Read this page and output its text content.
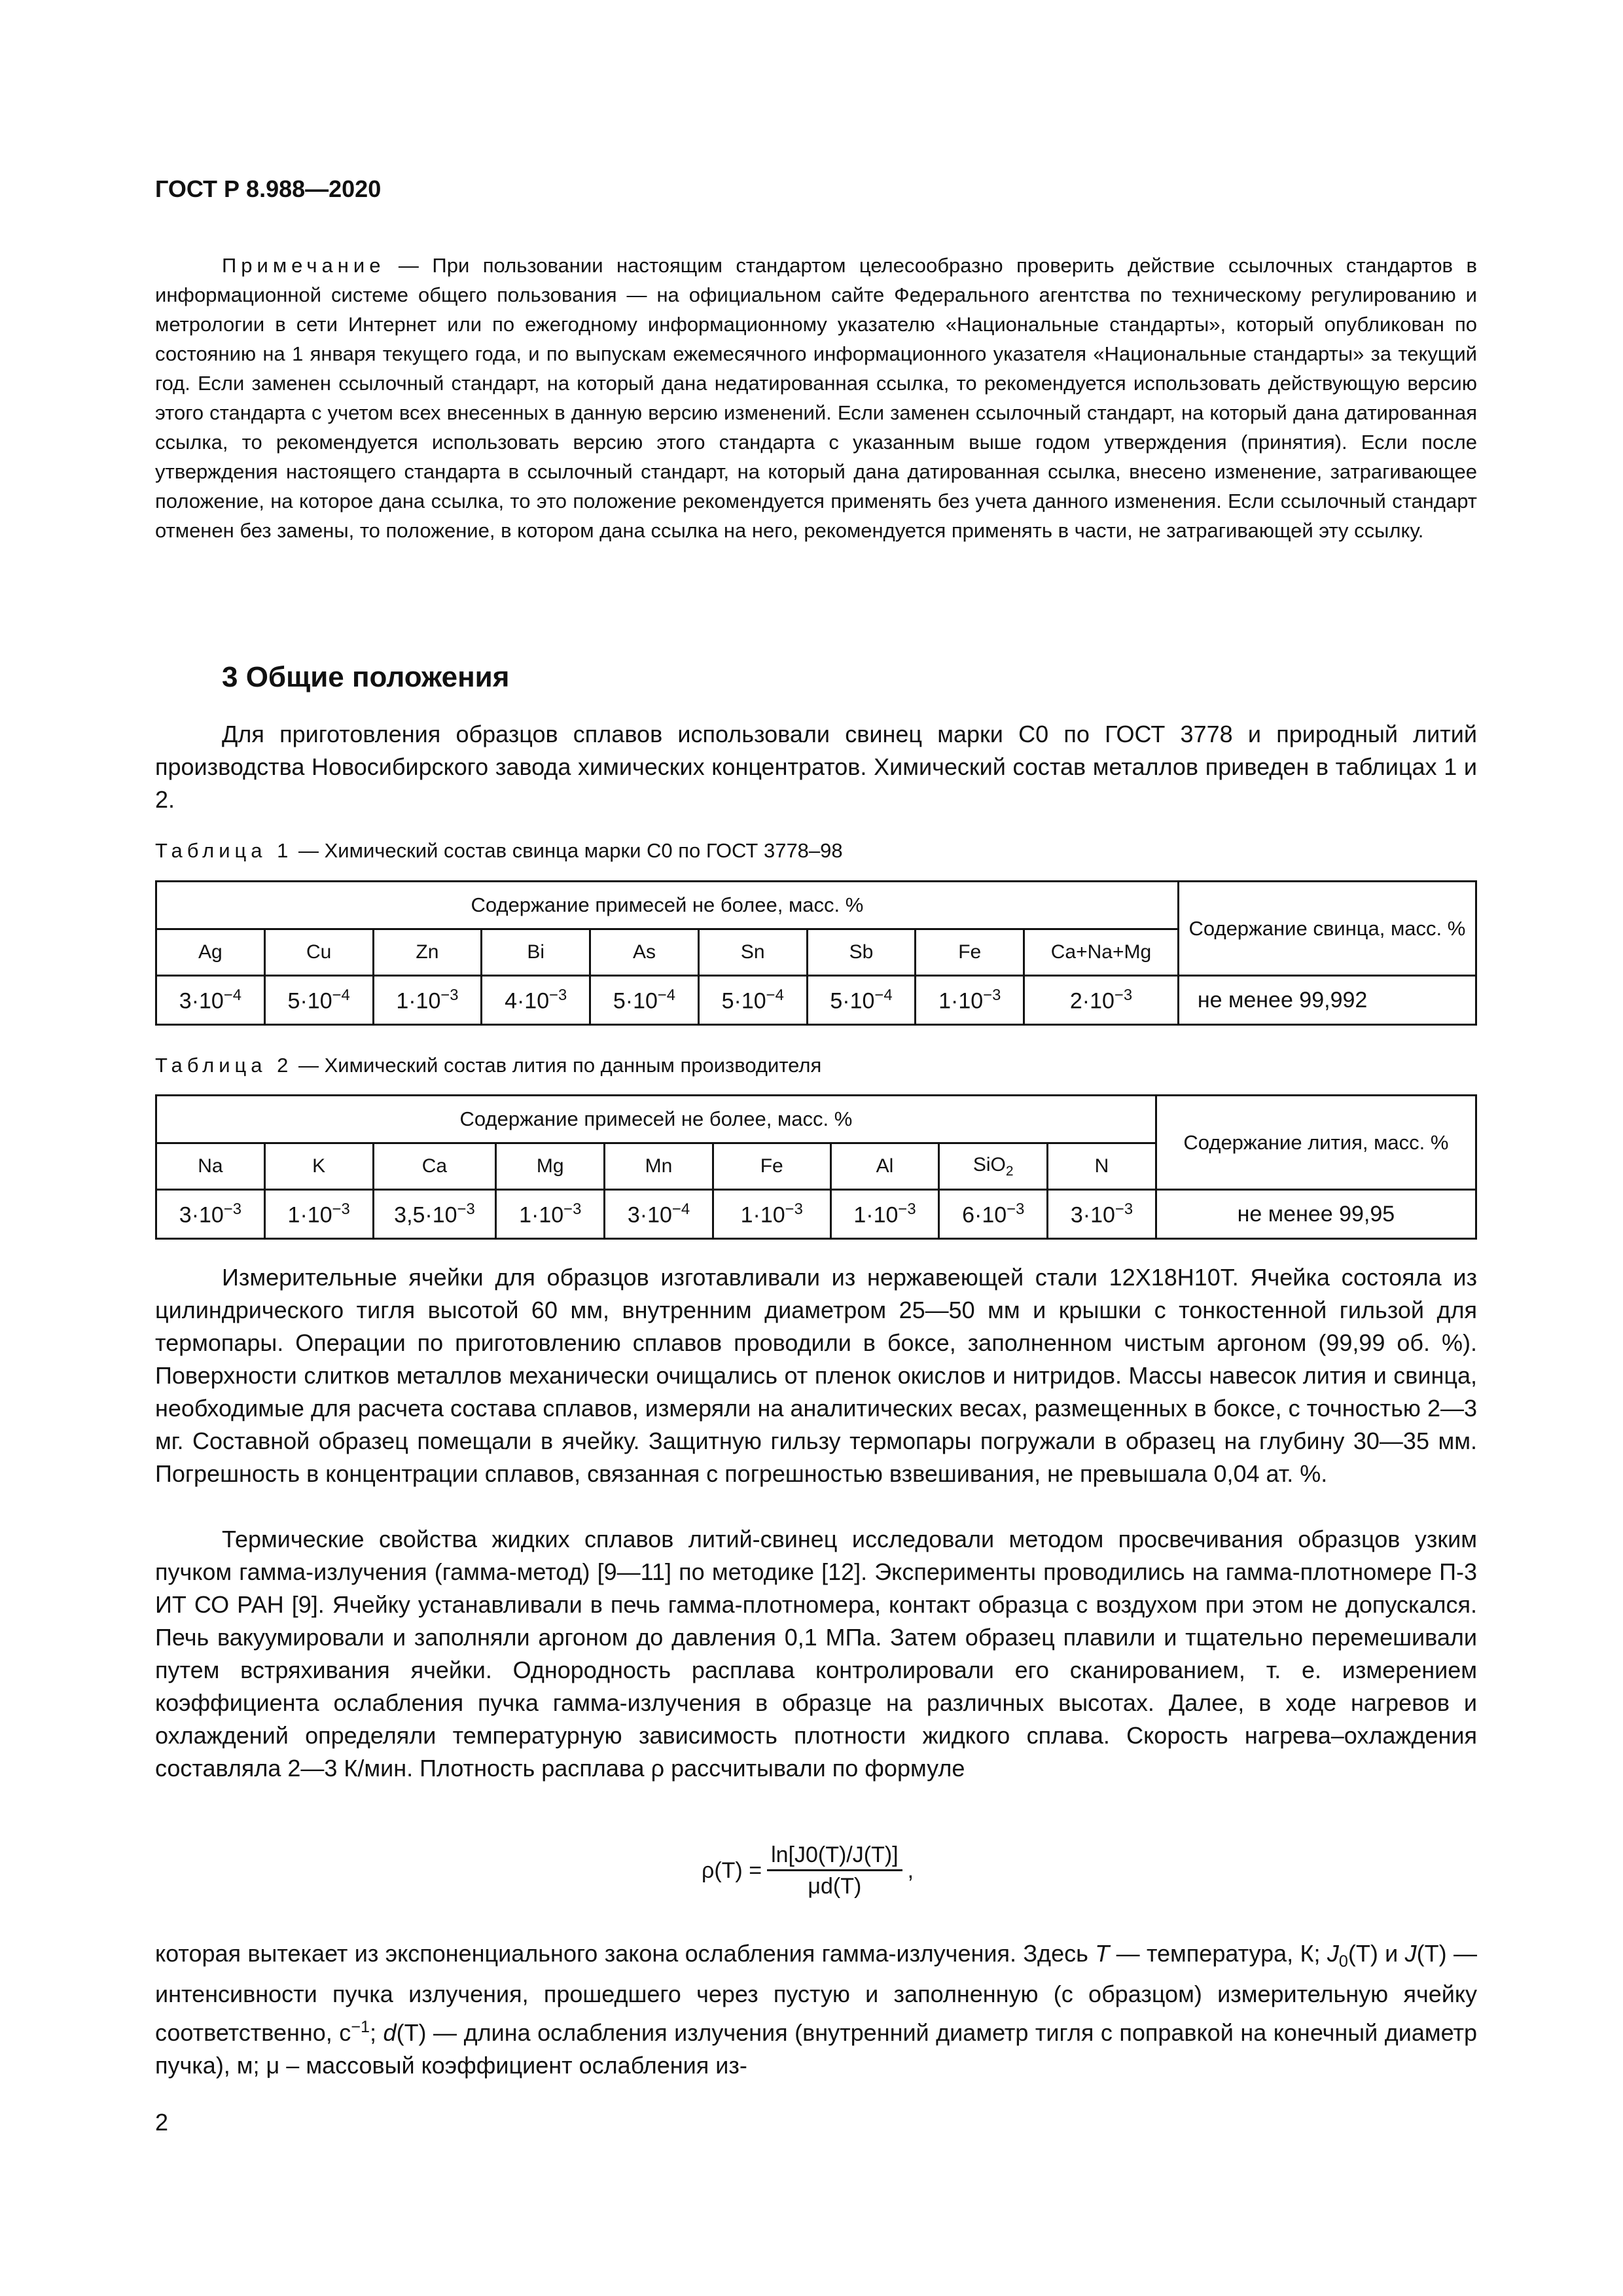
ГОСТ Р 8.988—2020

Примечание — При пользовании настоящим стандартом целесообразно проверить действие ссылочных стандартов в информационной системе общего пользования — на официальном сайте Федерального агентства по техническому регулированию и метрологии в сети Интернет или по ежегодному информационному указателю «Национальные стандарты», который опубликован по состоянию на 1 января текущего года, и по выпускам ежемесячного информационного указателя «Национальные стандарты» за текущий год. Если заменен ссылочный стандарт, на который дана недатированная ссылка, то рекомендуется использовать действующую версию этого стандарта с учетом всех внесенных в данную версию изменений. Если заменен ссылочный стандарт, на который дана датированная ссылка, то рекомендуется использовать версию этого стандарта с указанным выше годом утверждения (принятия). Если после утверждения настоящего стандарта в ссылочный стандарт, на который дана датированная ссылка, внесено изменение, затрагивающее положение, на которое дана ссылка, то это положение рекомендуется применять без учета данного изменения. Если ссылочный стандарт отменен без замены, то положение, в котором дана ссылка на него, рекомендуется применять в части, не затрагивающей эту ссылку.

3 Общие положения

Для приготовления образцов сплавов использовали свинец марки С0 по ГОСТ 3778 и природный литий производства Новосибирского завода химических концентратов. Химический состав металлов приведен в таблицах 1 и 2.

Таблица 1 — Химический состав свинца марки С0 по ГОСТ 3778–98
Содержание примесей не более, масс. %									Содержание свинца, масс. %
Ag	Cu	Zn	Bi	As	Sn	Sb	Fe	Ca+Na+Mg	
$3\cdot 10^{-4}$	$5\cdot 10^{-4}$	$1\cdot 10^{-3}$	$4\cdot 10^{-3}$	$5\cdot 10^{-4}$	$5\cdot 10^{-4}$	$5\cdot 10^{-4}$	$1\cdot 10^{-3}$	$2\cdot 10^{-3}$	не менее 99,992
Таблица 2 — Химический состав лития по данным производителя
Содержание примесей не более, масс. %									Содержание лития, масс. %
Na	K	Ca	Mg	Mn	Fe	Al	SiO$_2$	N	
$3\cdot 10^{-3}$	$1\cdot 10^{-3}$	$3,5\cdot 10^{-3}$	$1\cdot 10^{-3}$	$3\cdot 10^{-4}$	$1\cdot 10^{-3}$	$1\cdot 10^{-3}$	$6\cdot 10^{-3}$	$3\cdot 10^{-3}$	не менее 99,95

Измерительные ячейки для образцов изготавливали из нержавеющей стали 12Х18Н10Т. Ячейка состояла из цилиндрического тигля высотой 60 мм, внутренним диаметром 25—50 мм и крышки с тонкостенной гильзой для термопары. Операции по приготовлению сплавов проводили в боксе, заполненном чистым аргоном (99,99 об. %). Поверхности слитков металлов механически очищались от пленок окислов и нитридов. Массы навесок лития и свинца, необходимые для расчета состава сплавов, измеряли на аналитических весах, размещенных в боксе, с точностью 2—3 мг. Составной образец помещали в ячейку. Защитную гильзу термопары погружали в образец на глубину 30—35 мм. Погрешность в концентрации сплавов, связанная с погрешностью взвешивания, не превышала 0,04 ат. %.

Термические свойства жидких сплавов литий-свинец исследовали методом просвечивания образцов узким пучком гамма-излучения (гамма-метод) [9—11] по методике [12]. Эксперименты проводились на гамма-плотномере П-3 ИТ СО РАН [9]. Ячейку устанавливали в печь гамма-плотномера, контакт образца с воздухом при этом не допускался. Печь вакуумировали и заполняли аргоном до давления 0,1 МПа. Затем образец плавили и тщательно перемешивали путем встряхивания ячейки. Однородность расплава контролировали его сканированием, т. е. измерением коэффициента ослабления пучка гамма-излучения в образце на различных высотах. Далее, в ходе нагревов и охлаждений определяли температурную зависимость плотности жидкого сплава. Скорость нагрева–охлаждения составляла 2—3 К/мин. Плотность расплава ρ рассчитывали по формуле

$\rho(T) = \frac{\ln[J0(T)/J(T)]}{\mu d(T)}$ ,

которая вытекает из экспоненциального закона ослабления гамма-излучения. Здесь T — температура, К; $J_0(T)$ и J(T) — интенсивности пучка излучения, прошедшего через пустую и заполненную (с образцом) измерительную ячейку соответственно, $с^{-1}$; d(T) — длина ослабления излучения (внутренний диаметр тигля с поправкой на конечный диаметр пучка), м; μ – массовый коэффициент ослабления из-

2
